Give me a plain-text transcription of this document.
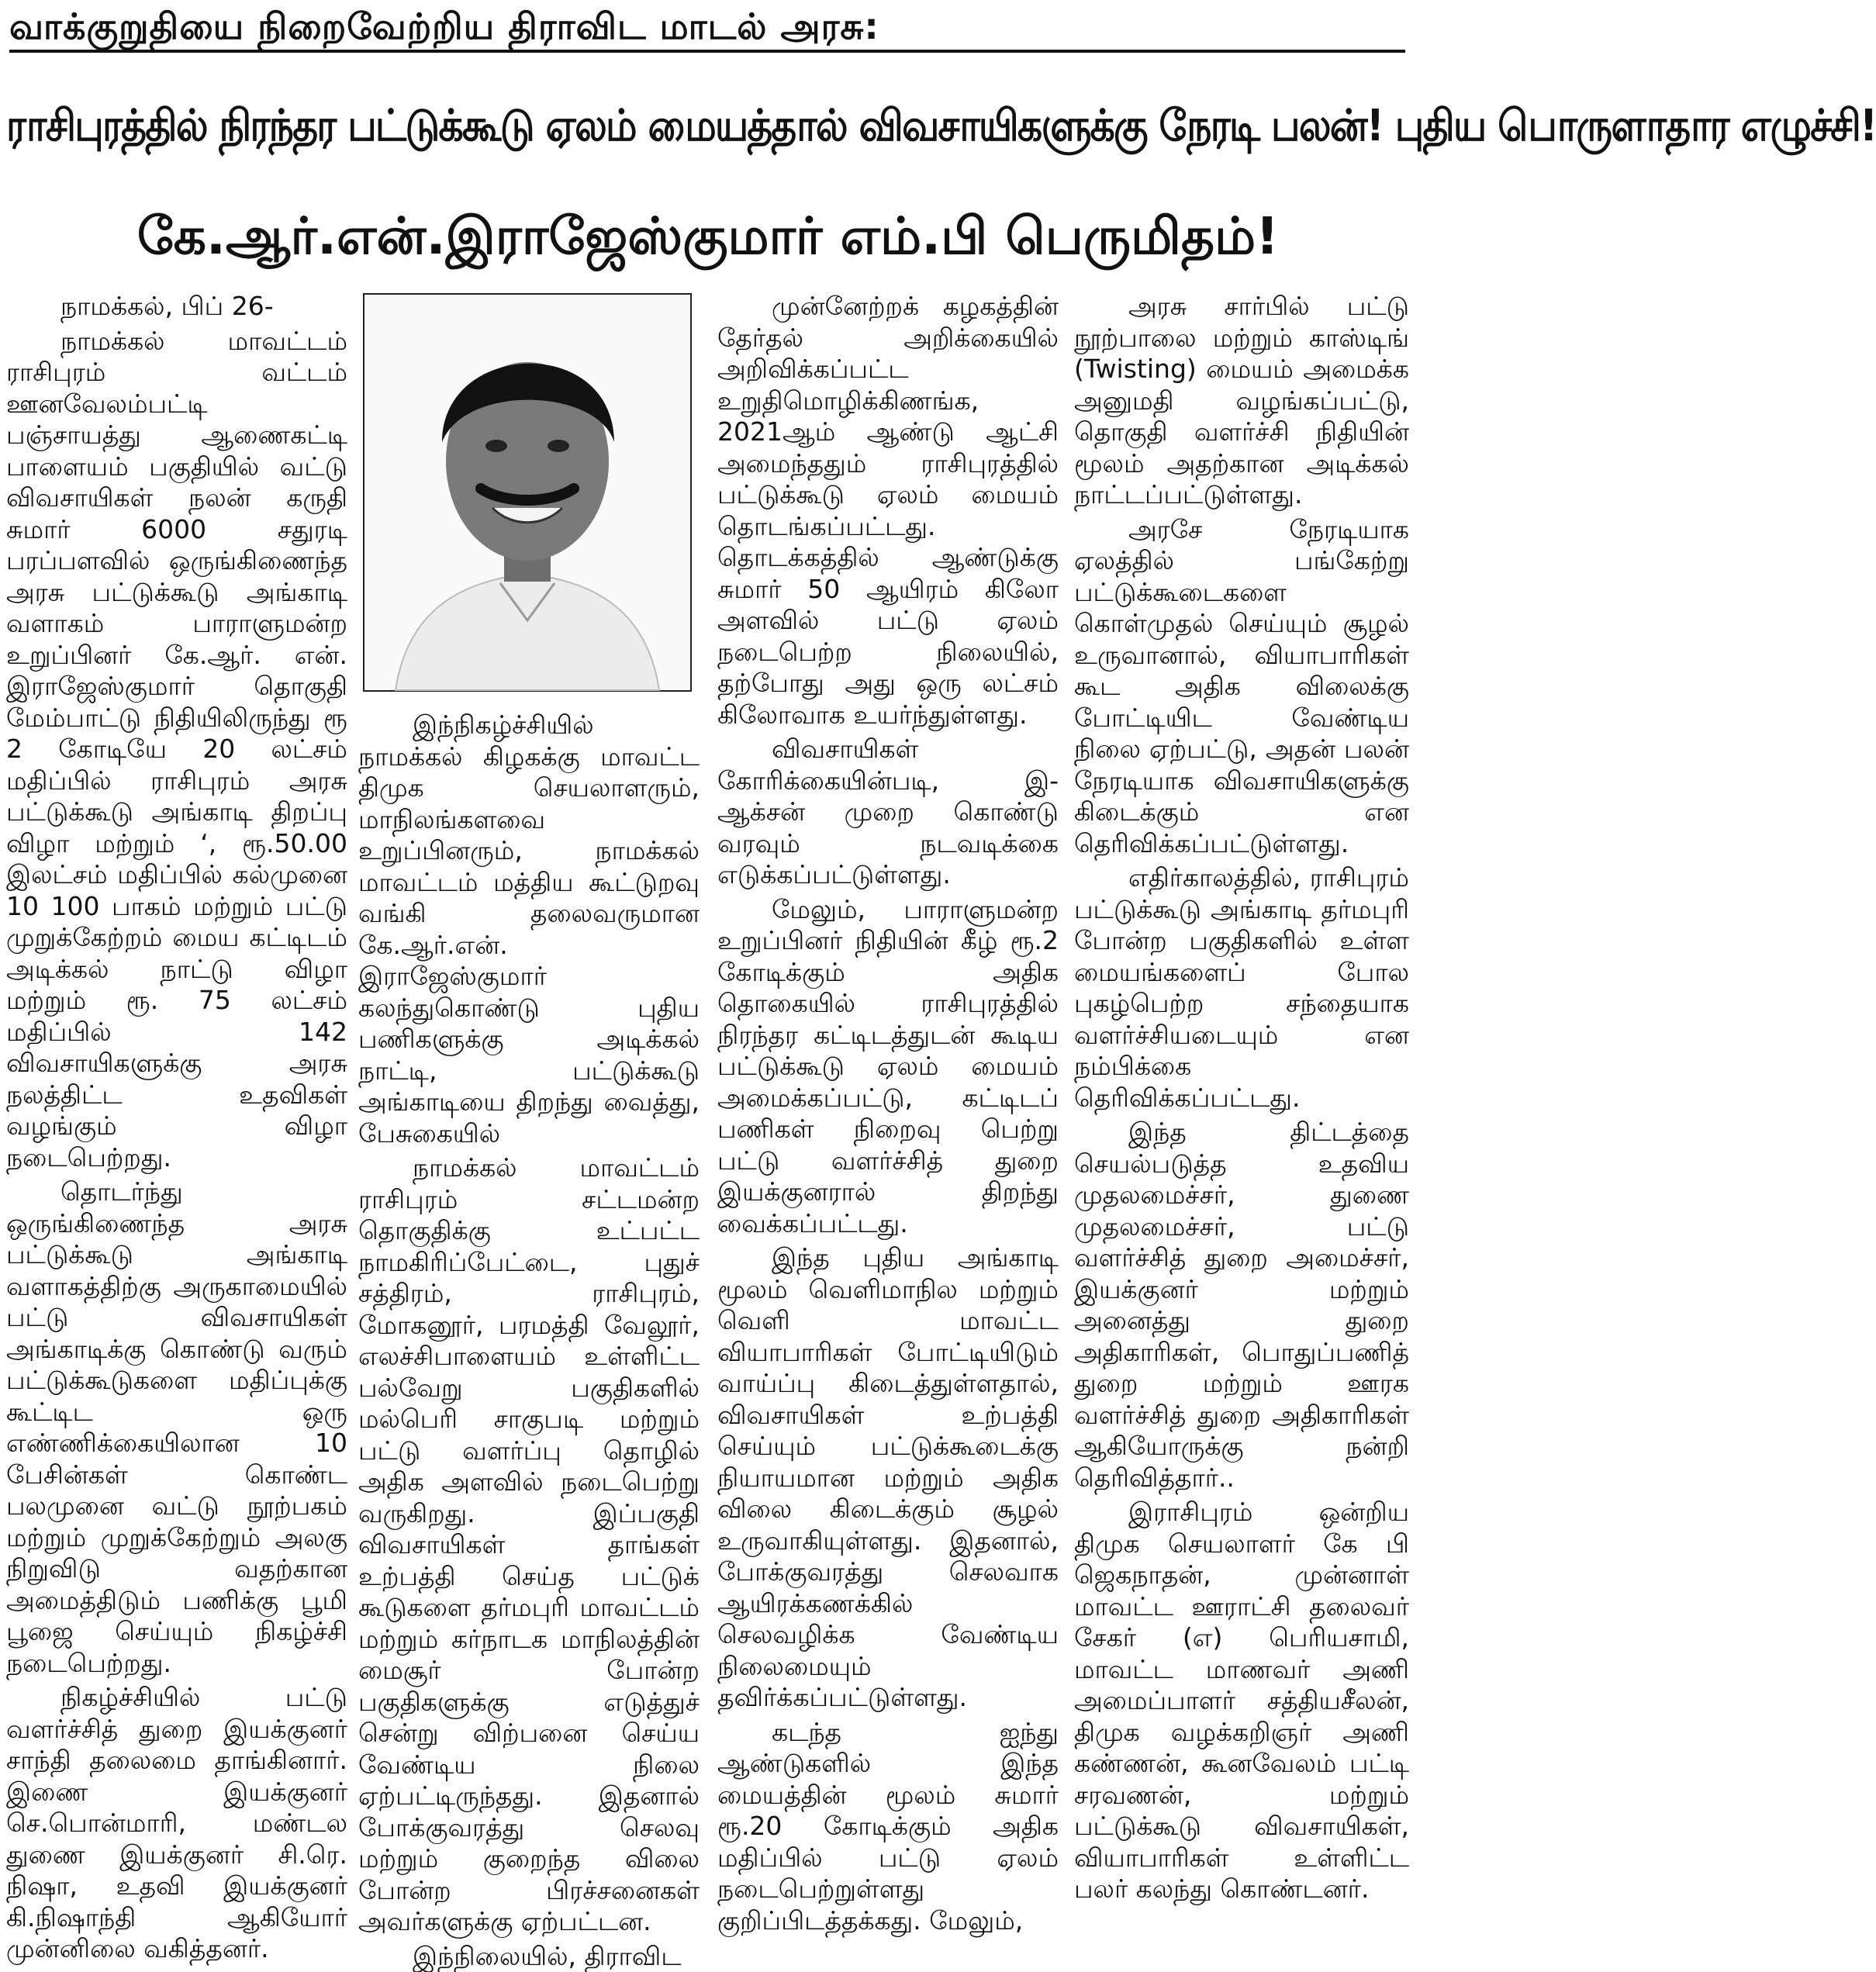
வாக்குறுதியை நிறைவேற்றிய திராவிட மாடல் அரசு:
ராசிபுரத்தில் நிரந்தர பட்டுக்கூடு ஏலம் மையத்தால் விவசாயிகளுக்கு நேரடி பலன்! புதிய பொருளாதார எழுச்சி!
கே.ஆர்.என்.இராஜேஸ்குமார் எம்.பி பெருமிதம்!

நாமக்கல், பிப் 26-

நாமக்கல் மாவட்டம் ராசிபுரம் வட்டம் ஊனவேலம்பட்டி பஞ்சாயத்து ஆணைகட்டி பாளையம் பகுதியில் வட்டு விவசாயிகள் நலன் கருதி சுமார் 6000 சதுரடி பரப்பளவில் ஒருங்கிணைந்த அரசு பட்டுக்கூடு அங்காடி வளாகம் பாராளுமன்ற உறுப்பினர் கே.ஆர். என். இராஜேஸ்குமார் தொகுதி மேம்பாட்டு நிதியிலிருந்து ரூ 2 கோடியே 20 லட்சம் மதிப்பில் ராசிபுரம் அரசு பட்டுக்கூடு அங்காடி திறப்பு விழா மற்றும் ‘, ரூ.50.00 இலட்சம் மதிப்பில் கல்முனை 10 100 பாகம் மற்றும் பட்டு முறுக்கேற்றம் மைய கட்டிடம் அடிக்கல் நாட்டு விழா மற்றும் ரூ. 75 லட்சம் மதிப்பில் 142 விவசாயிகளுக்கு அரசு நலத்திட்ட உதவிகள் வழங்கும் விழா நடைபெற்றது.

தொடர்ந்து ஒருங்கிணைந்த அரசு பட்டுக்கூடு அங்காடி வளாகத்திற்கு அருகாமையில் பட்டு விவசாயிகள் அங்காடிக்கு கொண்டு வரும் பட்டுக்கூடுகளை மதிப்புக்கு கூட்டிட ஒரு எண்ணிக்கையிலான 10 பேசின்கள் கொண்ட பலமுனை வட்டு நூற்பகம் மற்றும் முறுக்கேற்றும் அலகு நிறுவிடு வதற்கான அமைத்திடும் பணிக்கு பூமி பூஜை செய்யும் நிகழ்ச்சி நடைபெற்றது.

நிகழ்ச்சியில் பட்டு வளர்ச்சித் துறை இயக்குனர் சாந்தி தலைமை தாங்கினார். இணை இயக்குனர் செ.பொன்மாரி, மண்டல துணை இயக்குனர் சி.ரெ. நிஷா, உதவி இயக்குனர் கி.நிஷாந்தி ஆகியோர் முன்னிலை வகித்தனர்.

இந்நிகழ்ச்சியில் நாமக்கல் கிழகக்கு மாவட்ட திமுக செயலாளரும், மாநிலங்களவை உறுப்பினரும், நாமக்கல் மாவட்டம் மத்திய கூட்டுறவு வங்கி தலைவருமான கே.ஆர்.என். இராஜேஸ்குமார் கலந்துகொண்டு புதிய பணிகளுக்கு அடிக்கல் நாட்டி, பட்டுக்கூடு அங்காடியை திறந்து வைத்து, பேசுகையில்

நாமக்கல் மாவட்டம் ராசிபுரம் சட்டமன்ற தொகுதிக்கு உட்பட்ட நாமகிரிப்பேட்டை, புதுச் சத்திரம், ராசிபுரம், மோகனூர், பரமத்தி வேலூர், எலச்சிபாளையம் உள்ளிட்ட பல்வேறு பகுதிகளில் மல்பெரி சாகுபடி மற்றும் பட்டு வளர்ப்பு தொழில் அதிக அளவில் நடைபெற்று வருகிறது. இப்பகுதி விவசாயிகள் தாங்கள் உற்பத்தி செய்த பட்டுக் கூடுகளை தர்மபுரி மாவட்டம் மற்றும் கர்நாடக மாநிலத்தின் மைசூர் போன்ற பகுதிகளுக்கு எடுத்துச் சென்று விற்பனை செய்ய வேண்டிய நிலை ஏற்பட்டிருந்தது. இதனால் போக்குவரத்து செலவு மற்றும் குறைந்த விலை போன்ற பிரச்சனைகள் அவர்களுக்கு ஏற்பட்டன.

இந்நிலையில், திராவிட

முன்னேற்றக் கழகத்தின் தேர்தல் அறிக்கையில் அறிவிக்கப்பட்ட உறுதிமொழிக்கிணங்க, 2021ஆம் ஆண்டு ஆட்சி அமைந்ததும் ராசிபுரத்தில் பட்டுக்கூடு ஏலம் மையம் தொடங்கப்பட்டது. தொடக்கத்தில் ஆண்டுக்கு சுமார் 50 ஆயிரம் கிலோ அளவில் பட்டு ஏலம் நடைபெற்ற நிலையில், தற்போது அது ஒரு லட்சம் கிலோவாக உயர்ந்துள்ளது.

விவசாயிகள் கோரிக்கையின்படி, இ-ஆக்சன் முறை கொண்டு வரவும் நடவடிக்கை எடுக்கப்பட்டுள்ளது.

மேலும், பாராளுமன்ற உறுப்பினர் நிதியின் கீழ் ரூ.2 கோடிக்கும் அதிக தொகையில் ராசிபுரத்தில் நிரந்தர கட்டிடத்துடன் கூடிய பட்டுக்கூடு ஏலம் மையம் அமைக்கப்பட்டு, கட்டிடப் பணிகள் நிறைவு பெற்று பட்டு வளர்ச்சித் துறை இயக்குனரால் திறந்து வைக்கப்பட்டது.

இந்த புதிய அங்காடி மூலம் வெளிமாநில மற்றும் வெளி மாவட்ட வியாபாரிகள் போட்டியிடும் வாய்ப்பு கிடைத்துள்ளதால், விவசாயிகள் உற்பத்தி செய்யும் பட்டுக்கூடைக்கு நியாயமான மற்றும் அதிக விலை கிடைக்கும் சூழல் உருவாகியுள்ளது. இதனால், போக்குவரத்து செலவாக ஆயிரக்கணக்கில் செலவழிக்க வேண்டிய நிலைமையும் தவிர்க்கப்பட்டுள்ளது.

கடந்த ஐந்து ஆண்டுகளில் இந்த மையத்தின் மூலம் சுமார் ரூ.20 கோடிக்கும் அதிக மதிப்பில் பட்டு ஏலம் நடைபெற்றுள்ளது குறிப்பிடத்தக்கது. மேலும்,

அரசு சார்பில் பட்டு நூற்பாலை மற்றும் காஸ்டிங் (Twisting) மையம் அமைக்க அனுமதி வழங்கப்பட்டு, தொகுதி வளர்ச்சி நிதியின் மூலம் அதற்கான அடிக்கல் நாட்டப்பட்டுள்ளது.

அரசே நேரடியாக ஏலத்தில் பங்கேற்று பட்டுக்கூடைகளை கொள்முதல் செய்யும் சூழல் உருவானால், வியாபாரிகள் கூட அதிக விலைக்கு போட்டியிட வேண்டிய நிலை ஏற்பட்டு, அதன் பலன் நேரடியாக விவசாயிகளுக்கு கிடைக்கும் என தெரிவிக்கப்பட்டுள்ளது.

எதிர்காலத்தில், ராசிபுரம் பட்டுக்கூடு அங்காடி தர்மபுரி போன்ற பகுதிகளில் உள்ள மையங்களைப் போல புகழ்பெற்ற சந்தையாக வளர்ச்சியடையும் என நம்பிக்கை தெரிவிக்கப்பட்டது.

இந்த திட்டத்தை செயல்படுத்த உதவிய முதலமைச்சர், துணை முதலமைச்சர், பட்டு வளர்ச்சித் துறை அமைச்சர், இயக்குனர் மற்றும் அனைத்து துறை அதிகாரிகள், பொதுப்பணித் துறை மற்றும் ஊரக வளர்ச்சித் துறை அதிகாரிகள் ஆகியோருக்கு நன்றி தெரிவித்தார்..

இராசிபுரம் ஒன்றிய திமுக செயலாளர் கே பி ஜெகநாதன், முன்னாள் மாவட்ட ஊராட்சி தலைவர் சேகர் (எ) பெரியசாமி, மாவட்ட மாணவர் அணி அமைப்பாளர் சத்தியசீலன், திமுக வழக்கறிஞர் அணி கண்ணன், கூனவேலம் பட்டி சரவணன், மற்றும் பட்டுக்கூடு விவசாயிகள், வியாபாரிகள் உள்ளிட்ட பலர் கலந்து கொண்டனர்.
